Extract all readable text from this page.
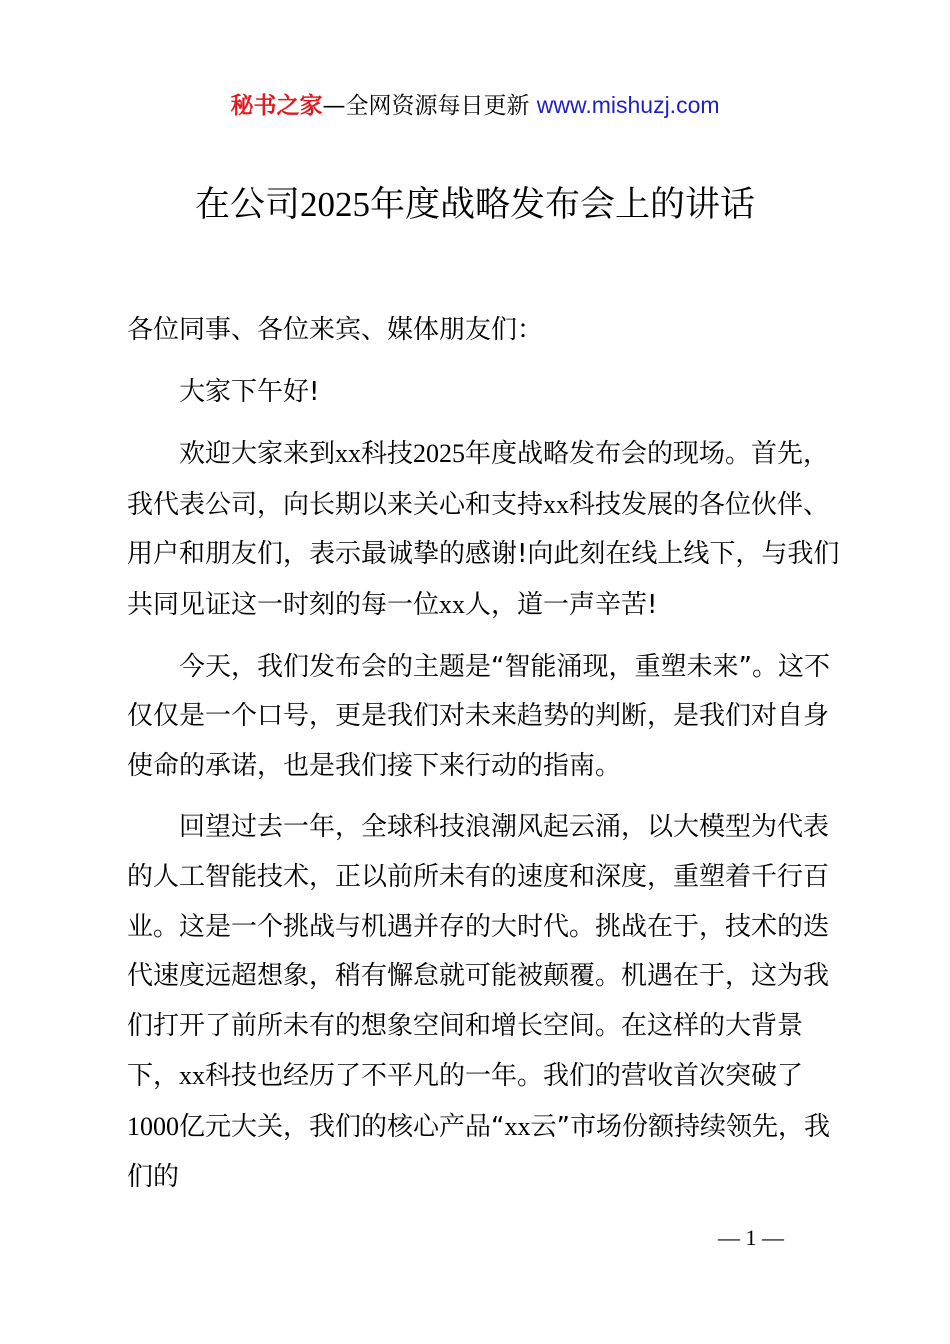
秘书之家—全网资源每日更新 www.mishuzj.com
在公司2025年度战略发布会上的讲话

各位同事、各位来宾、媒体朋友们：

大家下午好!

欢迎大家来到xx科技2025年度战略发布会的现场。首先，我代表公司，向长期以来关心和支持xx科技发展的各位伙伴、用户和朋友们，表示最诚挚的感谢!向此刻在线上线下，与我们共同见证这一时刻的每一位xx人，道一声辛苦!

今天，我们发布会的主题是“智能涌现，重塑未来”。这不仅仅是一个口号，更是我们对未来趋势的判断，是我们对自身使命的承诺，也是我们接下来行动的指南。

回望过去一年，全球科技浪潮风起云涌，以大模型为代表的人工智能技术，正以前所未有的速度和深度，重塑着千行百业。这是一个挑战与机遇并存的大时代。挑战在于，技术的迭代速度远超想象，稍有懈怠就可能被颠覆。机遇在于，这为我们打开了前所未有的想象空间和增长空间。在这样的大背景下，xx科技也经历了不平凡的一年。我们的营收首次突破了1000亿元大关，我们的核心产品“xx云”市场份额持续领先，我们的

— 1 —
